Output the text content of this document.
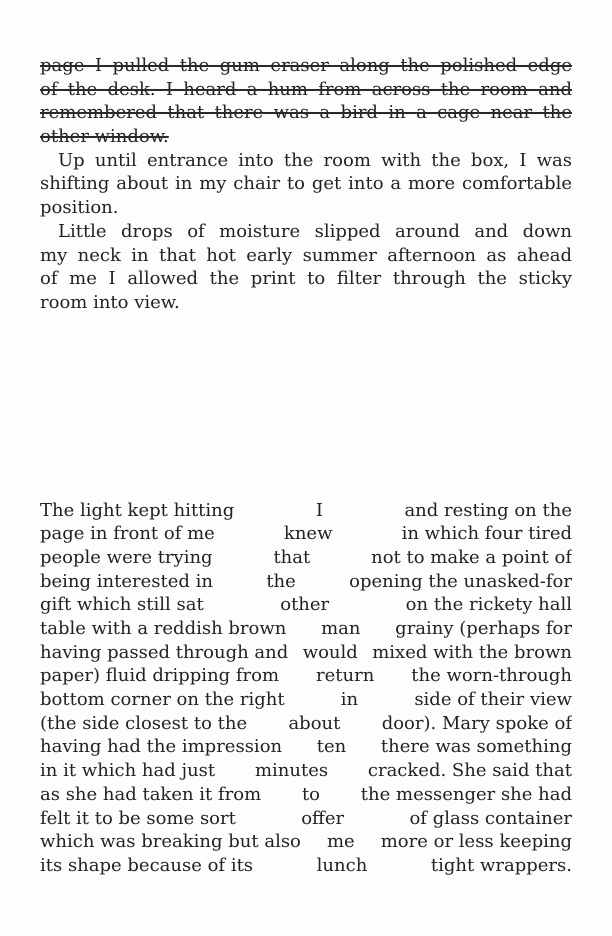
page I pulled the gum eraser along the polished edge
of the desk. I heard a hum from across the room and
remembered that there was a bird in a cage near the
other window.
Up until entrance into the room with the box, I was
shifting about in my chair to get into a more comfortable
position.
Little drops of moisture slipped around and down
my neck in that hot early summer afternoon as ahead
of me I allowed the print to filter through the sticky
room into view.
The light kept hitting	I	and resting on the
page in front of me	knew	in which four tired
people were trying	that	not to make a point of
being interested in	the	opening the unasked-for
gift which still sat	other	on the rickety hall
table with a reddish brown man grainy (perhaps for
having passed through and would mixed with the brown
paper) fluid dripping from return the worn-through
bottom corner on the right	in	side of their view
(the side closest to the about door). Mary spoke of
having had the impression ten there was something
in it which had just minutes cracked. She said that
as she had taken it from to the messenger she had
felt it to be some sort	offer	of glass container
which was breaking but also me more or less keeping
its shape because of its	lunch	tight wrappers.
